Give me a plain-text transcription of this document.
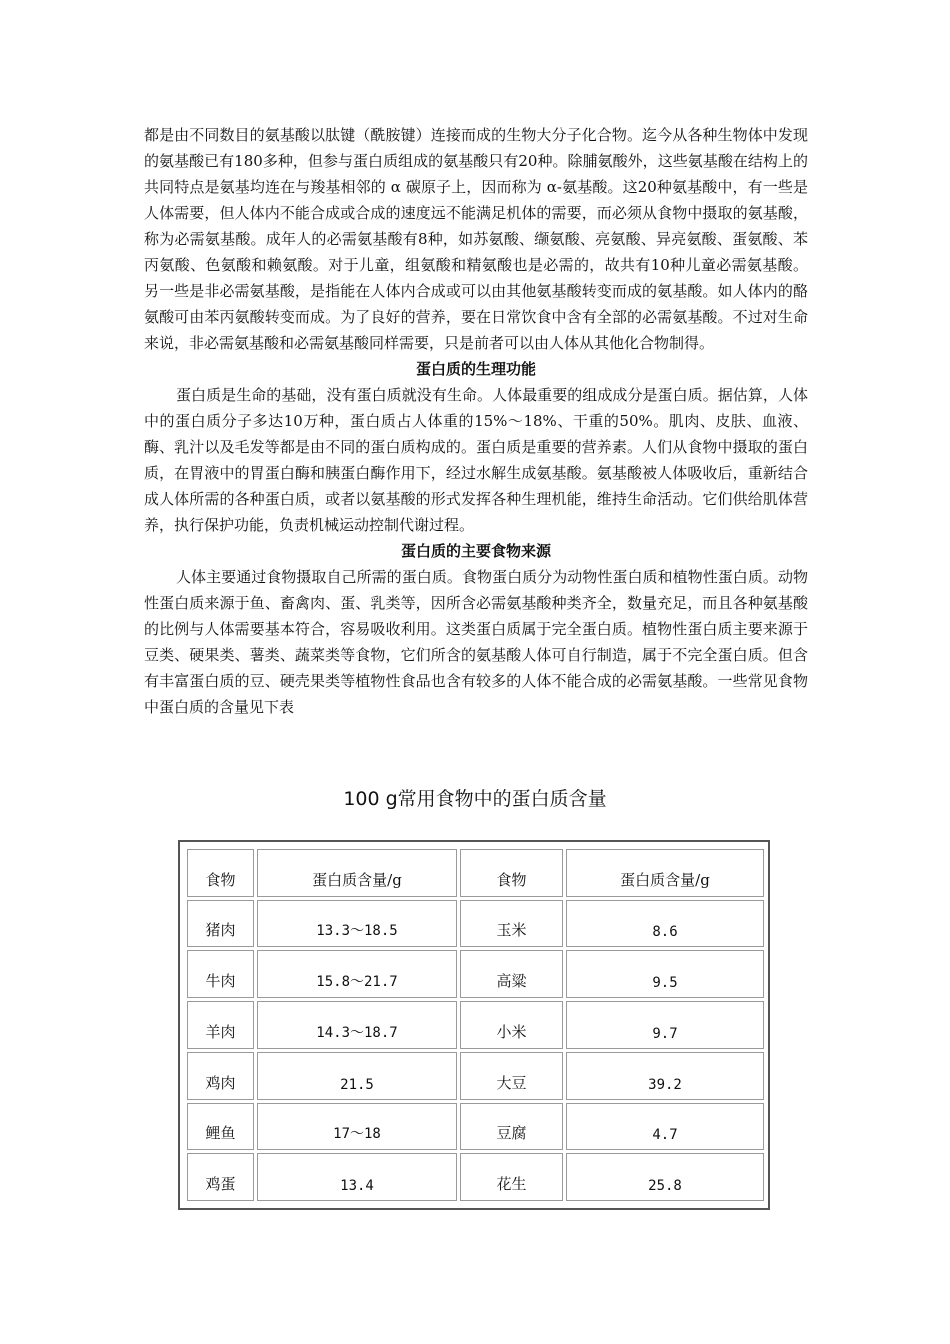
都是由不同数目的氨基酸以肽键（酰胺键）连接而成的生物大分子化合物。迄今从各种生物体中发现的氨基酸已有180多种，但参与蛋白质组成的氨基酸只有20种。除脯氨酸外，这些氨基酸在结构上的共同特点是氨基均连在与羧基相邻的 α 碳原子上，因而称为 α-氨基酸。这20种氨基酸中，有一些是人体需要，但人体内不能合成或合成的速度远不能满足机体的需要，而必须从食物中摄取的氨基酸，称为必需氨基酸。成年人的必需氨基酸有8种，如苏氨酸、缬氨酸、亮氨酸、异亮氨酸、蛋氨酸、苯丙氨酸、色氨酸和赖氨酸。对于儿童，组氨酸和精氨酸也是必需的，故共有10种儿童必需氨基酸。另一些是非必需氨基酸，是指能在人体内合成或可以由其他氨基酸转变而成的氨基酸。如人体内的酪氨酸可由苯丙氨酸转变而成。为了良好的营养，要在日常饮食中含有全部的必需氨基酸。不过对生命来说，非必需氨基酸和必需氨基酸同样需要，只是前者可以由人体从其他化合物制得。

蛋白质的生理功能

蛋白质是生命的基础，没有蛋白质就没有生命。人体最重要的组成成分是蛋白质。据估算，人体中的蛋白质分子多达10万种，蛋白质占人体重的15%～18%、干重的50%。肌肉、皮肤、血液、酶、乳汁以及毛发等都是由不同的蛋白质构成的。蛋白质是重要的营养素。人们从食物中摄取的蛋白质，在胃液中的胃蛋白酶和胰蛋白酶作用下，经过水解生成氨基酸。氨基酸被人体吸收后，重新结合成人体所需的各种蛋白质，或者以氨基酸的形式发挥各种生理机能，维持生命活动。它们供给肌体营养，执行保护功能，负责机械运动控制代谢过程。

蛋白质的主要食物来源

人体主要通过食物摄取自己所需的蛋白质。食物蛋白质分为动物性蛋白质和植物性蛋白质。动物性蛋白质来源于鱼、畜禽肉、蛋、乳类等，因所含必需氨基酸种类齐全，数量充足，而且各种氨基酸的比例与人体需要基本符合，容易吸收利用。这类蛋白质属于完全蛋白质。植物性蛋白质主要来源于豆类、硬果类、薯类、蔬菜类等食物，它们所含的氨基酸人体可自行制造，属于不完全蛋白质。但含有丰富蛋白质的豆、硬壳果类等植物性食品也含有较多的人体不能合成的必需氨基酸。一些常见食物中蛋白质的含量见下表

100 g常用食物中的蛋白质含量
食物	蛋白质含量/g	食物	蛋白质含量/g
猪肉	13.3～18.5	玉米	8.6
牛肉	15.8～21.7	高粱	9.5
羊肉	14.3～18.7	小米	9.7
鸡肉	21.5	大豆	39.2
鲤鱼	17～18	豆腐	4.7
鸡蛋	13.4	花生	25.8
